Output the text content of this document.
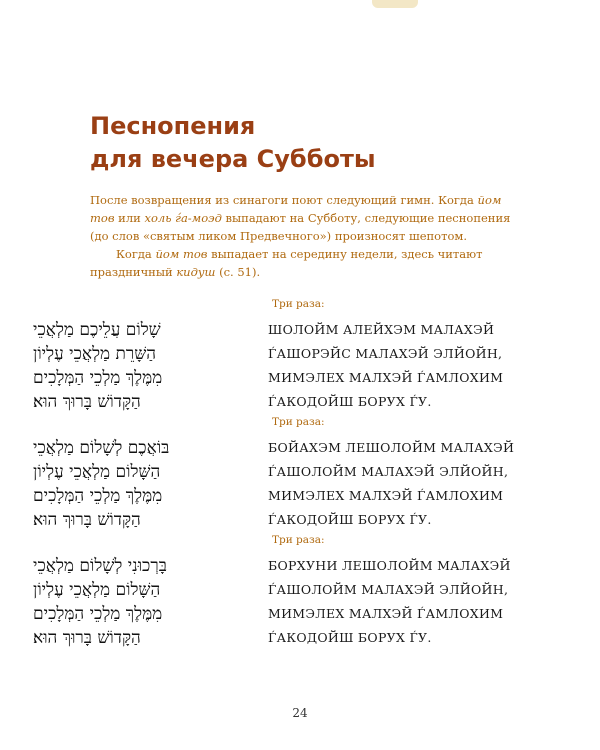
Песнопения
для вечера Субботы

После возвращения из синагоги поют следующий гимн. Когда йом тов или холь ѓа-моэд выпадают на Субботу, следующие песнопения (до слов «святым ликом Предвечного») произносят шепотом.

Когда йом тов выпадает на середину недели, здесь читают праздничный кидуш (с. 51).

Три раза:
שָׁלוֹם עֲלֵיכֶם מַלְאֲכֵי
הַשָּׁרֵת מַלְאֲכֵי עֶלְיוֹן
מִמֶּלֶךְ מַלְכֵי הַמְּלָכִים
הַקָּדוֹשׁ בָּרוּךְ הוּא׃
ШОЛОЙМ АЛЕЙХЭМ МАЛАХЭЙ
ЃАШОРЭЙС МАЛАХЭЙ ЭЛЙОЙН,
МИМЭЛЕХ МАЛХЭЙ ЃАМЛОХИМ
ЃАКОДОЙШ БОРУХ ЃУ.
Три раза:
בּוֹאֲכֶם לְשָׁלוֹם מַלְאֲכֵי
הַשָּׁלוֹם מַלְאֲכֵי עֶלְיוֹן
מִמֶּלֶךְ מַלְכֵי הַמְּלָכִים
הַקָּדוֹשׁ בָּרוּךְ הוּא׃
БОЙАХЭМ ЛЕШОЛОЙМ МАЛАХЭЙ
ЃАШОЛОЙМ МАЛАХЭЙ ЭЛЙОЙН,
МИМЭЛЕХ МАЛХЭЙ ЃАМЛОХИМ
ЃАКОДОЙШ БОРУХ ЃУ.
Три раза:
בָּרְכוּנִי לְשָׁלוֹם מַלְאֲכֵי
הַשָּׁלוֹם מַלְאֲכֵי עֶלְיוֹן
מִמֶּלֶךְ מַלְכֵי הַמְּלָכִים
הַקָּדוֹשׁ בָּרוּךְ הוּא׃
БОРХУНИ ЛЕШОЛОЙМ МАЛАХЭЙ
ЃАШОЛОЙМ МАЛАХЭЙ ЭЛЙОЙН,
МИМЭЛЕХ МАЛХЭЙ ЃАМЛОХИМ
ЃАКОДОЙШ БОРУХ ЃУ.
24
